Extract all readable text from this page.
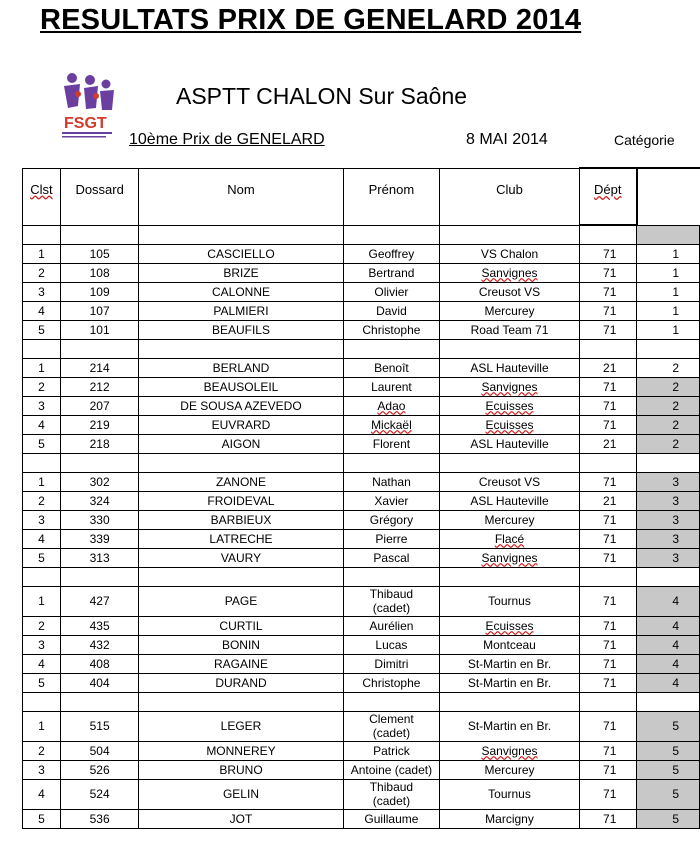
RESULTATS PRIX DE GENELARD 2014
FSGT
ASPTT CHALON Sur Saône
10ème Prix de GENELARD	8 MAI 2014	Catégorie
Clst	Dossard	Nom	Prénom	Club	Dépt	

1	105	CASCIELLO	Geoffrey	VS Chalon	71	1
2	108	BRIZE	Bertrand	Sanvignes	71	1
3	109	CALONNE	Olivier	Creusot VS	71	1
4	107	PALMIERI	David	Mercurey	71	1
5	101	BEAUFILS	Christophe	Road Team 71	71	1

1	214	BERLAND	Benoît	ASL Hauteville	21	2
2	212	BEAUSOLEIL	Laurent	Sanvignes	71	2
3	207	DE SOUSA AZEVEDO	Adao	Ecuisses	71	2
4	219	EUVRARD	Mickaël	Ecuisses	71	2
5	218	AIGON	Florent	ASL Hauteville	21	2

1	302	ZANONE	Nathan	Creusot VS	71	3
2	324	FROIDEVAL	Xavier	ASL Hauteville	21	3
3	330	BARBIEUX	Grégory	Mercurey	71	3
4	339	LATRECHE	Pierre	Flacé	71	3
5	313	VAURY	Pascal	Sanvignes	71	3

1	427	PAGE	Thibaud (cadet)	Tournus	71	4
2	435	CURTIL	Aurélien	Ecuisses	71	4
3	432	BONIN	Lucas	Montceau	71	4
4	408	RAGAINE	Dimitri	St-Martin en Br.	71	4
5	404	DURAND	Christophe	St-Martin en Br.	71	4

1	515	LEGER	Clement (cadet)	St-Martin en Br.	71	5
2	504	MONNEREY	Patrick	Sanvignes	71	5
3	526	BRUNO	Antoine (cadet)	Mercurey	71	5
4	524	GELIN	Thibaud (cadet)	Tournus	71	5
5	536	JOT	Guillaume	Marcigny	71	5
